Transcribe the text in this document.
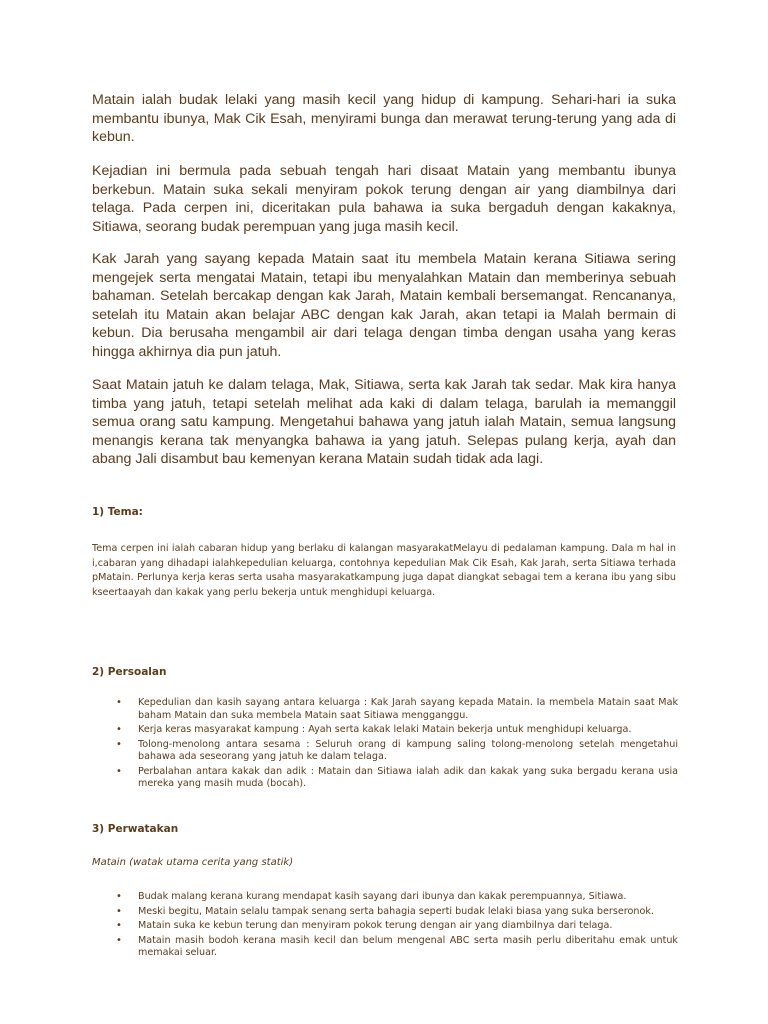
Matain ialah budak lelaki yang masih kecil yang hidup di kampung. Sehari-hari ia suka membantu ibunya, Mak Cik Esah, menyirami bunga dan merawat terung-terung yang ada di kebun.

Kejadian ini bermula pada sebuah tengah hari disaat Matain yang membantu ibunya berkebun. Matain suka sekali menyiram pokok terung dengan air yang diambilnya dari telaga. Pada cerpen ini, diceritakan pula bahawa ia suka bergaduh dengan kakaknya, Sitiawa, seorang budak perempuan yang juga masih kecil.

Kak Jarah yang sayang kepada Matain saat itu membela Matain kerana Sitiawa sering mengejek serta mengatai Matain, tetapi ibu menyalahkan Matain dan memberinya sebuah bahaman. Setelah bercakap dengan kak Jarah, Matain kembali bersemangat. Rencananya, setelah itu Matain akan belajar ABC dengan kak Jarah, akan tetapi ia Malah bermain di kebun. Dia berusaha mengambil air dari telaga dengan timba dengan usaha yang keras hingga akhirnya dia pun jatuh.

Saat Matain jatuh ke dalam telaga, Mak, Sitiawa, serta kak Jarah tak sedar. Mak kira hanya timba yang jatuh, tetapi setelah melihat ada kaki di dalam telaga, barulah ia memanggil semua orang satu kampung. Mengetahui bahawa yang jatuh ialah Matain, semua langsung menangis kerana tak menyangka bahawa ia yang jatuh. Selepas pulang kerja, ayah dan abang Jali disambut bau kemenyan kerana Matain sudah tidak ada lagi.

1) Tema:

Tema cerpen ini ialah cabaran hidup yang berlaku di kalangan masyarakatMelayu di pedalaman kampung. Dala m hal ini,cabaran yang dihadapi ialahkepedulian keluarga, contohnya kepedulian Mak Cik Esah, Kak Jarah, serta Sitiawa terhadapMatain. Perlunya kerja keras serta usaha masyarakatkampung juga dapat diangkat sebagai tem a kerana ibu yang sibukseertaayah dan kakak yang perlu bekerja untuk menghidupi keluarga.

2) Persoalan
• Kepedulian dan kasih sayang antara keluarga : Kak Jarah sayang kepada Matain. Ia membela Matain saat Mak baham Matain dan suka membela Matain saat Sitiawa mengganggu.
• Kerja keras masyarakat kampung : Ayah serta kakak lelaki Matain bekerja untuk menghidupi keluarga.
• Tolong-menolong antara sesama : Seluruh orang di kampung saling tolong-menolong setelah mengetahui bahawa ada seseorang yang jatuh ke dalam telaga.
• Perbalahan antara kakak dan adik : Matain dan Sitiawa ialah adik dan kakak yang suka bergadu kerana usia mereka yang masih muda (bocah).
3) Perwatakan

Matain (watak utama cerita yang statik)

• Budak malang kerana kurang mendapat kasih sayang dari ibunya dan kakak perempuannya, Sitiawa.
• Meski begitu, Matain selalu tampak senang serta bahagia seperti budak lelaki biasa yang suka berseronok.
• Matain suka ke kebun terung dan menyiram pokok terung dengan air yang diambilnya dari telaga.
• Matain masih bodoh kerana masih kecil dan belum mengenal ABC serta masih perlu diberitahu emak untuk memakai seluar.
